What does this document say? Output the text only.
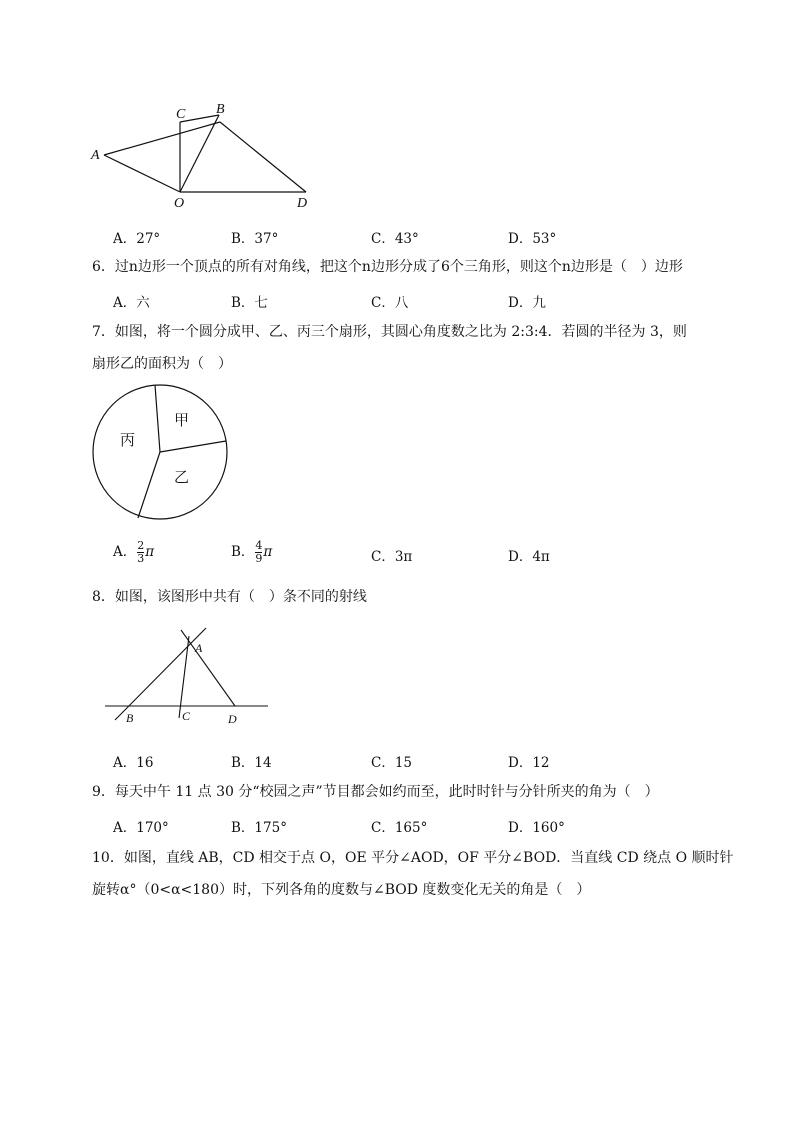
A
B
C
O	D
A．27°	B．37°	C．43°	D．53°
6．过n边形一个顶点的所有对角线，把这个n边形分成了6个三角形，则这个n边形是（　）边形
A．六	B．七	C．八	D．九
7．如图，将一个圆分成甲、乙、丙三个扇形，其圆心角度数之比为 2:3:4．若圆的半径为 3，则
扇形乙的面积为（　）
甲
乙
丙
A． $\frac{2}{3}$ π	B． $\frac{4}{9}$ π	C．3π	D．4π
8．如图，该图形中共有（　）条不同的射线
A
B	C	D
A．16	B．14	C．15	D．12
9．每天中午 11 点 30 分“校园之声”节目都会如约而至，此时时针与分针所夹的角为（　）
A．170°	B．175°	C．165°	D．160°
10．如图，直线 AB，CD 相交于点 O，OE 平分∠AOD，OF 平分∠BOD．当直线 CD 绕点 O 顺时针
旋转α°（0<α<180）时，下列各角的度数与∠BOD 度数变化无关的角是（　）
